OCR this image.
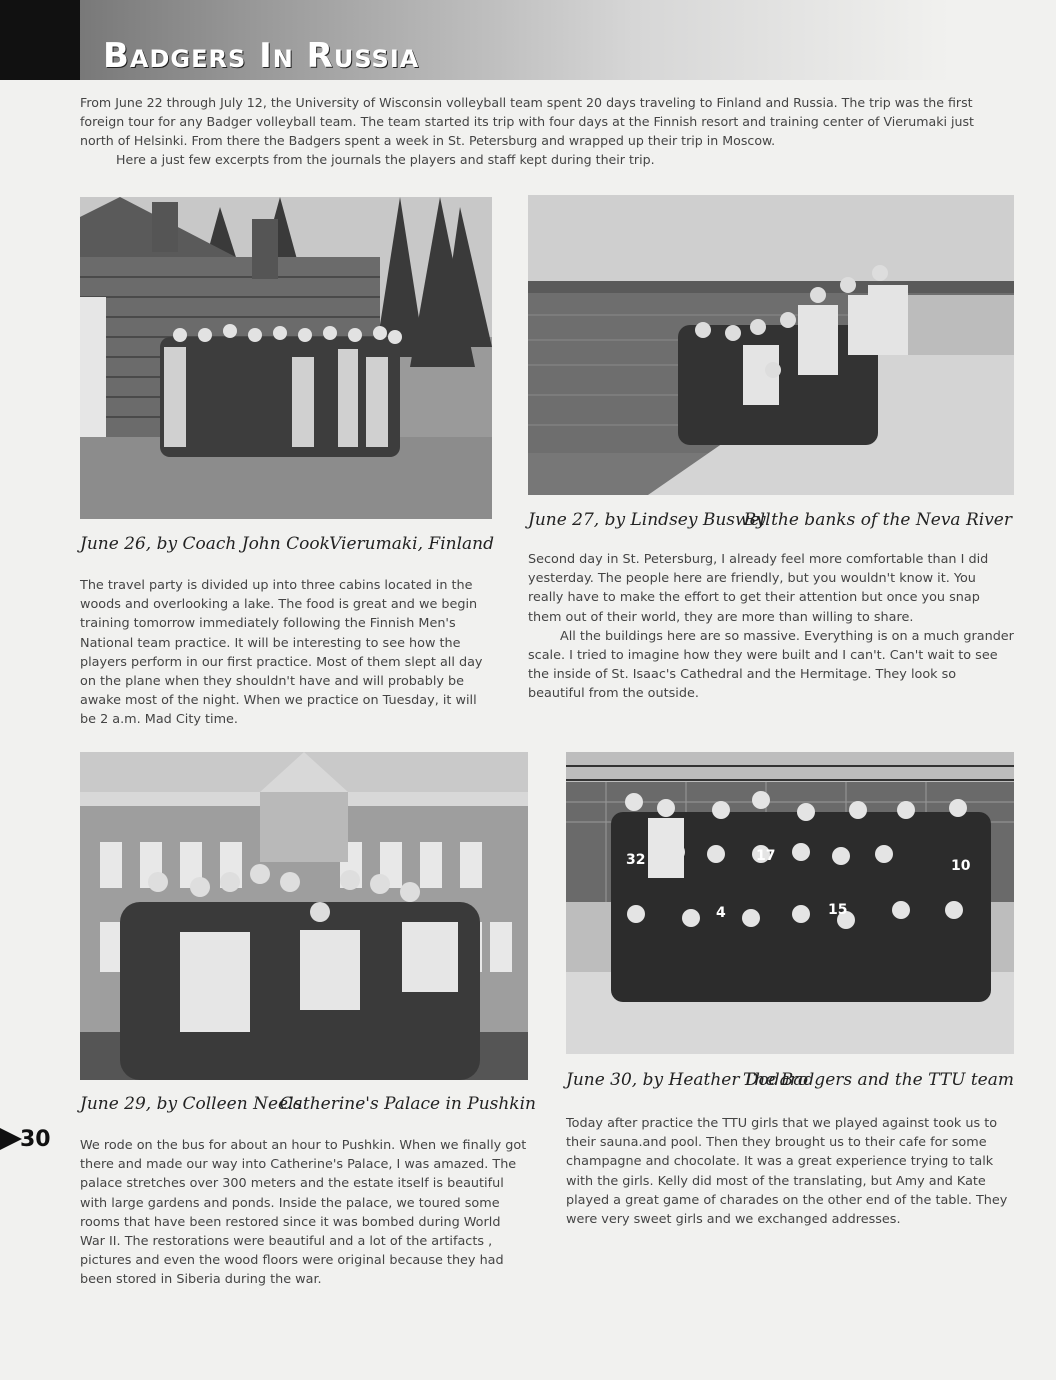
Badgers In Russia

From June 22 through July 12, the University of Wisconsin volleyball team spent 20 days traveling to Finland and Russia. The trip was the first foreign tour for any Badger volleyball team. The team started its trip with four days at the Finnish resort and training center of Vierumaki just north of Helsinki. From there the Badgers spent a week in St. Petersburg and wrapped up their trip in Moscow.

Here a just few excerpts from the journals the players and staff kept during their trip.

32	17
10
4	15
June 26, by Coach John Cook Vierumaki, Finland

The travel party is divided up into three cabins located in the woods and overlooking a lake. The food is great and we begin training tomorrow immediately following the Finnish Men's National team practice. It will be interesting to see how the players perform in our first practice. Most of them slept all day on the plane when they shouldn't have and will probably be awake most of the night. When we practice on Tuesday, it will be 2 a.m. Mad City time.

June 27, by Lindsey Buswell
By the banks of the Neva River

Second day in St. Petersburg, I already feel more comfortable than I did yesterday. The people here are friendly, but you wouldn't know it. You really have to make the effort to get their attention but once you snap them out of their world, they are more than willing to share.

All the buildings here are so massive. Everything is on a much grander scale. I tried to imagine how they were built and I can't. Can't wait to see the inside of St. Isaac's Cathedral and the Hermitage. They look so beautiful from the outside.

June 29, by Colleen Neels
Catherine's Palace in Pushkin

We rode on the bus for about an hour to Pushkin. When we finally got there and made our way into Catherine's Palace, I was amazed. The palace stretches over 300 meters and the estate itself is beautiful with large gardens and ponds. Inside the palace, we toured some rooms that have been restored since it was bombed during World War II. The restorations were beautiful and a lot of the artifacts , pictures and even the wood floors were original because they had been stored in Siberia during the war.

June 30, by Heather Dodaro
The Badgers and the TTU team

Today after practice the TTU girls that we played against took us to their sauna.and pool. Then they brought us to their cafe for some champagne and chocolate. It was a great experience trying to talk with the girls. Kelly did most of the translating, but Amy and Kate played a great game of charades on the other end of the table. They were very sweet girls and we exchanged addresses.

30
